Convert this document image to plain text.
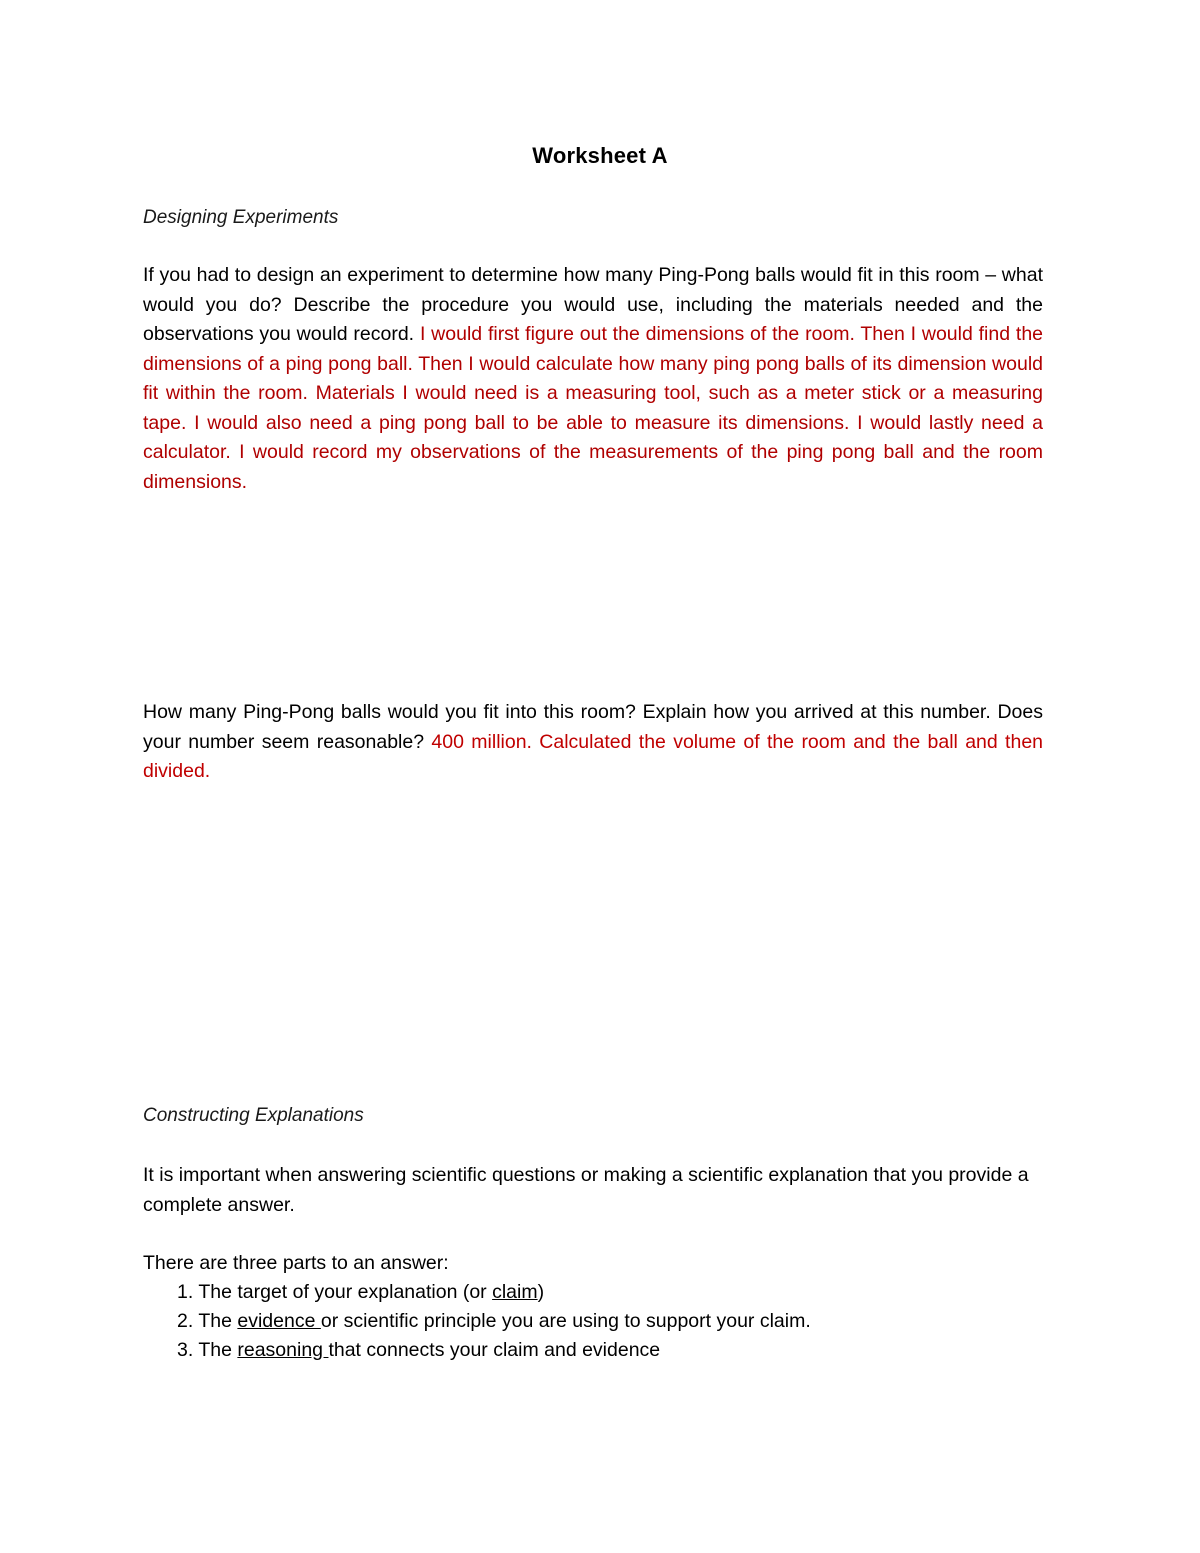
Worksheet A
Designing Experiments
If you had to design an experiment to determine how many Ping-Pong balls would fit in this room – what would you do? Describe the procedure you would use, including the materials needed and the observations you would record. I would first figure out the dimensions of the room. Then I would find the dimensions of a ping pong ball. Then I would calculate how many ping pong balls of its dimension would fit within the room. Materials I would need is a measuring tool, such as a meter stick or a measuring tape. I would also need a ping pong ball to be able to measure its dimensions. I would lastly need a calculator. I would record my observations of the measurements of the ping pong ball and the room dimensions.
How many Ping-Pong balls would you fit into this room? Explain how you arrived at this number. Does your number seem reasonable? 400 million. Calculated the volume of the room and the ball and then divided.
Constructing Explanations
It is important when answering scientific questions or making a scientific explanation that you provide a complete answer.
There are three parts to an answer:
1. The target of your explanation (or claim)
2. The evidence or scientific principle you are using to support your claim.
3. The reasoning that connects your claim and evidence
